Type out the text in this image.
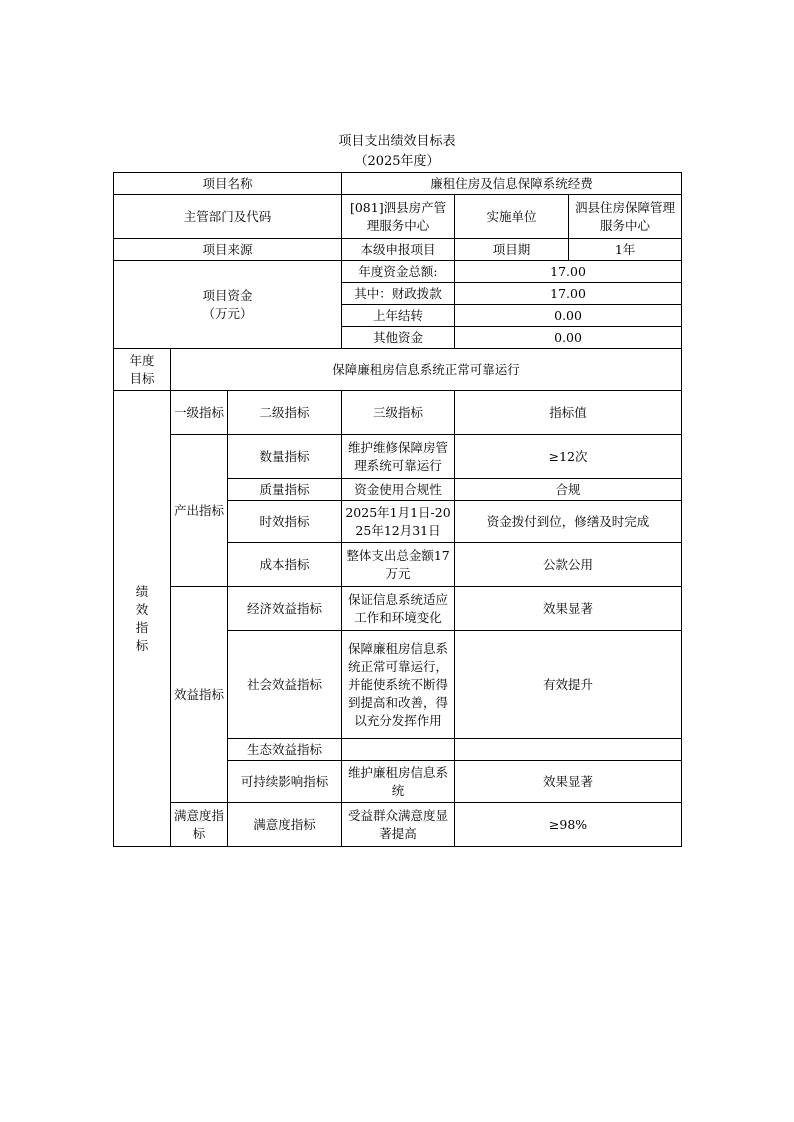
项目支出绩效目标表
（2025年度）
项目名称			廉租住房及信息保障系统经费		
主管部门及代码			[081]泗县房产管理服务中心	实施单位	泗县住房保障管理服务中心
项目来源			本级申报项目	项目期	1年

项目资金
（万元）			年度资金总额:	17.00	
			其中：财政拨款	17.00	
			上年结转	0.00	
			其他资金	0.00	

年度
目标	保障廉租房信息系统正常可靠运行				

绩
效
指
标	一级指标	二级指标	三级指标	指标值	
	产出指标	数量指标	维护维修保障房管理系统可靠运行	≥12次	
		质量指标	资金使用合规性	合规	
		时效指标	2025年1月1日-2025年12月31日	资金拨付到位，修缮及时完成	
		成本指标	整体支出总金额17万元	公款公用	
	效益指标	经济效益指标	保证信息系统适应工作和环境变化	效果显著	
		社会效益指标	保障廉租房信息系统正常可靠运行，并能使系统不断得到提高和改善，得以充分发挥作用	有效提升	
		生态效益指标			
		可持续影响指标	维护廉租房信息系统	效果显著	
	满意度指标	满意度指标	受益群众满意度显著提高	≥98%	
